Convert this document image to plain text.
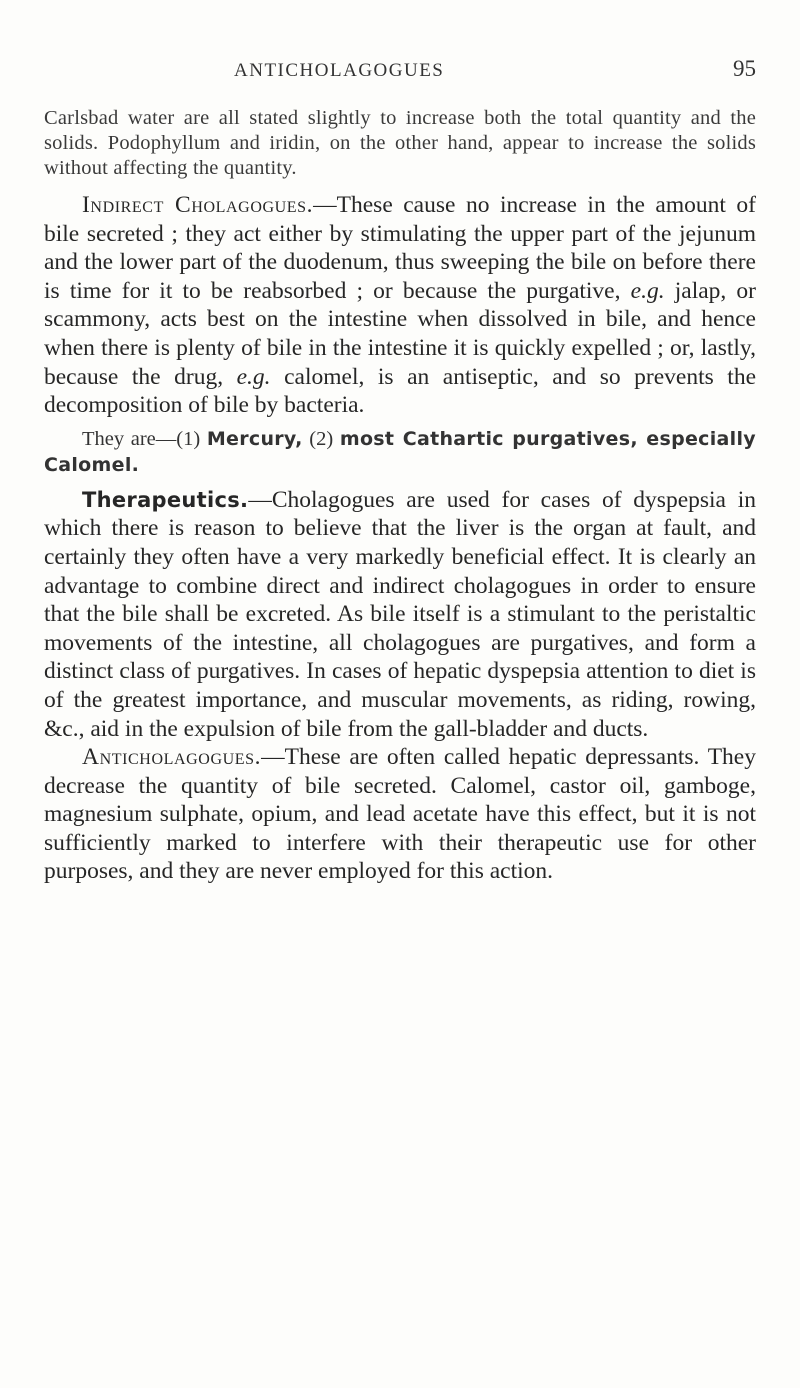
ANTICHOLAGOGUES	95

Carlsbad water are all stated slightly to increase both the total quantity and the solids. Podophyllum and iridin, on the other hand, appear to increase the solids without affecting the quantity.

Indirect Cholagogues.—These cause no increase in the amount of bile secreted ; they act either by stimulating the upper part of the jejunum and the lower part of the duodenum, thus sweeping the bile on before there is time for it to be reabsorbed ; or because the purgative, e.g. jalap, or scammony, acts best on the intestine when dissolved in bile, and hence when there is plenty of bile in the intestine it is quickly expelled ; or, lastly, because the drug, e.g. calomel, is an antiseptic, and so prevents the decomposition of bile by bacteria.

They are—(1) Mercury, (2) most Cathartic purgatives, especially Calomel.

Therapeutics.—Cholagogues are used for cases of dyspepsia in which there is reason to believe that the liver is the organ at fault, and certainly they often have a very markedly beneficial effect. It is clearly an advantage to combine direct and indirect cholagogues in order to ensure that the bile shall be excreted. As bile itself is a stimulant to the peristaltic movements of the intestine, all cholagogues are purgatives, and form a distinct class of purgatives. In cases of hepatic dyspepsia attention to diet is of the greatest importance, and muscular movements, as riding, rowing, &c., aid in the expulsion of bile from the gall-bladder and ducts.

Anticholagogues.—These are often called hepatic depressants. They decrease the quantity of bile secreted. Calomel, castor oil, gamboge, magnesium sulphate, opium, and lead acetate have this effect, but it is not sufficiently marked to interfere with their therapeutic use for other purposes, and they are never employed for this action.
